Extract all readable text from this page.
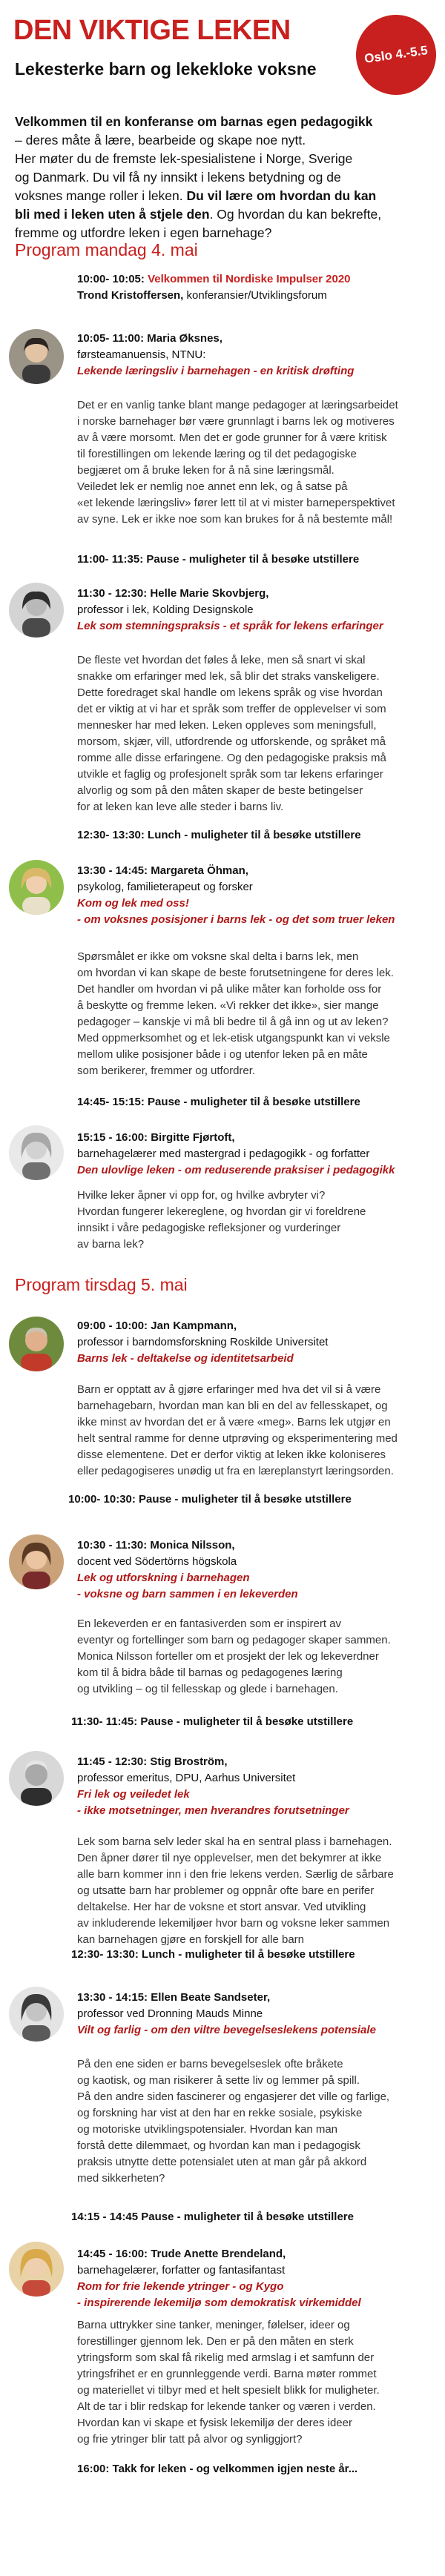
DEN VIKTIGE LEKEN
Lekesterke barn og lekekloke voksne
Oslo 4.-5.5
Velkommen til en konferanse om barnas egen pedagogikk
– deres måte å lære, bearbeide og skape noe nytt.
Her møter du de fremste lek-spesialistene i Norge, Sverige
og Danmark. Du vil få ny innsikt i lekens betydning og de
voksnes mange roller i leken. Du vil lære om hvordan du kan
bli med i leken uten å stjele den. Og hvordan du kan bekrefte,
fremme og utfordre leken i egen barnehage?
Program mandag 4. mai
10:00- 10:05: Velkommen til Nordiske Impulser 2020
Trond Kristoffersen, konferansier/Utviklingsforum
10:05- 11:00: Maria Øksnes,
førsteamanuensis, NTNU:
Lekende læringsliv i barnehagen - en kritisk drøfting
Det er en vanlig tanke blant mange pedagoger at læringsarbeidet
i norske barnehager bør være grunnlagt i barns lek og motiveres
av å være morsomt. Men det er gode grunner for å være kritisk
til forestillingen om lekende læring og til det pedagogiske
begjæret om å bruke leken for å nå sine læringsmål.
Veiledet lek er nemlig noe annet enn lek, og å satse på
«et lekende læringsliv» fører lett til at vi mister barneperspektivet
av syne. Lek er ikke noe som kan brukes for å nå bestemte mål!
11:00- 11:35: Pause - muligheter til å besøke utstillere
11:30 - 12:30: Helle Marie Skovbjerg,
professor i lek, Kolding Designskole
Lek som stemningspraksis - et språk for lekens erfaringer
De fleste vet hvordan det føles å leke, men så snart vi skal
snakke om erfaringer med lek, så blir det straks vanskeligere.
Dette foredraget skal handle om lekens språk og vise hvordan
det er viktig at vi har et språk som treffer de opplevelser vi som
mennesker har med leken. Leken oppleves som meningsfull,
morsom, skjær, vill, utfordrende og utforskende, og språket må
romme alle disse erfaringene. Og den pedagogiske praksis må
utvikle et faglig og profesjonelt språk som tar lekens erfaringer
alvorlig og som på den måten skaper de beste betingelser
for at leken kan leve alle steder i barns liv.
12:30- 13:30: Lunch - muligheter til å besøke utstillere
13:30 - 14:45: Margareta Öhman,
psykolog, familieterapeut og forsker
Kom og lek med oss!
- om voksnes posisjoner i barns lek - og det som truer leken
Spørsmålet er ikke om voksne skal delta i barns lek, men
om hvordan vi kan skape de beste forutsetningene for deres lek.
Det handler om hvordan vi på ulike måter kan forholde oss for
å beskytte og fremme leken. «Vi rekker det ikke», sier mange
pedagoger – kanskje vi må bli bedre til å gå inn og ut av leken?
Med oppmerksomhet og et lek-etisk utgangspunkt kan vi veksle
mellom ulike posisjoner både i og utenfor leken på en måte
som berikerer, fremmer og utfordrer.
14:45- 15:15: Pause - muligheter til å besøke utstillere
15:15 - 16:00: Birgitte Fjørtoft,
barnehagelærer med mastergrad i pedagogikk - og forfatter
Den ulovlige leken - om reduserende praksiser i pedagogikk
Hvilke leker åpner vi opp for, og hvilke avbryter vi?
Hvordan fungerer lekereglene, og hvordan gir vi foreldrene
innsikt i våre pedagogiske refleksjoner og vurderinger
av barna lek?
Program tirsdag 5. mai
09:00 - 10:00: Jan Kampmann,
professor i barndomsforskning Roskilde Universitet
Barns lek - deltakelse og identitetsarbeid
Barn er opptatt av å gjøre erfaringer med hva det vil si å være
barnehagebarn, hvordan man kan bli en del av fellesskapet, og
ikke minst av hvordan det er å være «meg». Barns lek utgjør en
helt sentral ramme for denne utprøving og eksperimentering med
disse elementene. Det er derfor viktig at leken ikke koloniseres
eller pedagogiseres unødig ut fra en læreplanstyrt læringsorden.
10:00- 10:30: Pause - muligheter til å besøke utstillere
10:30 - 11:30: Monica Nilsson,
docent ved Södertörns högskola
Lek og utforskning i barnehagen
- voksne og barn sammen i en lekeverden
En lekeverden er en fantasiverden som er inspirert av
eventyr og fortellinger som barn og pedagoger skaper sammen.
Monica Nilsson forteller om et prosjekt der lek og lekeverdner
kom til å bidra både til barnas og pedagogenes læring
og utvikling – og til fellesskap og glede i barnehagen.
11:30- 11:45: Pause - muligheter til å besøke utstillere
11:45 - 12:30: Stig Broström,
professor emeritus, DPU, Aarhus Universitet
Fri lek og veiledet lek
- ikke motsetninger, men hverandres forutsetninger
Lek som barna selv leder skal ha en sentral plass i barnehagen.
Den åpner dører til nye opplevelser, men det bekymrer at ikke
alle barn kommer inn i den frie lekens verden. Særlig de sårbare
og utsatte barn har problemer og oppnår ofte bare en perifer
deltakelse. Her har de voksne et stort ansvar. Ved utvikling
av inkluderende lekemiljøer hvor barn og voksne leker sammen
kan barnehagen gjøre en forskjell for alle barn
12:30- 13:30: Lunch - muligheter til å besøke utstillere
13:30 - 14:15: Ellen Beate Sandseter,
professor ved Dronning Mauds Minne
Vilt og farlig - om den viltre bevegelseslekens potensiale
På den ene siden er barns bevegelseslek ofte bråkete
og kaotisk, og man risikerer å sette liv og lemmer på spill.
På den andre siden fascinerer og engasjerer det ville og farlige,
og forskning har vist at den har en rekke sosiale, psykiske
og motoriske utviklingspotensialer. Hvordan kan man
forstå dette dilemmaet, og hvordan kan man i pedagogisk
praksis utnytte dette potensialet uten at man går på akkord
med sikkerheten?
14:15 - 14:45 Pause - muligheter til å besøke utstillere
14:45 - 16:00: Trude Anette Brendeland,
barnehagelærer, forfatter og fantasifantast
Rom for frie lekende ytringer - og Kygo
- inspirerende lekemiljø som demokratisk virkemiddel
Barna uttrykker sine tanker, meninger, følelser, ideer og
forestillinger gjennom lek. Den er på den måten en sterk
ytringsform som skal få rikelig med armslag i et samfunn der
ytringsfrihet er en grunnleggende verdi. Barna møter rommet
og materiellet vi tilbyr med et helt spesielt blikk for muligheter.
Alt de tar i blir redskap for lekende tanker og væren i verden.
Hvordan kan vi skape et fysisk lekemiljø der deres ideer
og frie ytringer blir tatt på alvor og synliggjort?
16:00: Takk for leken - og velkommen igjen neste år...
